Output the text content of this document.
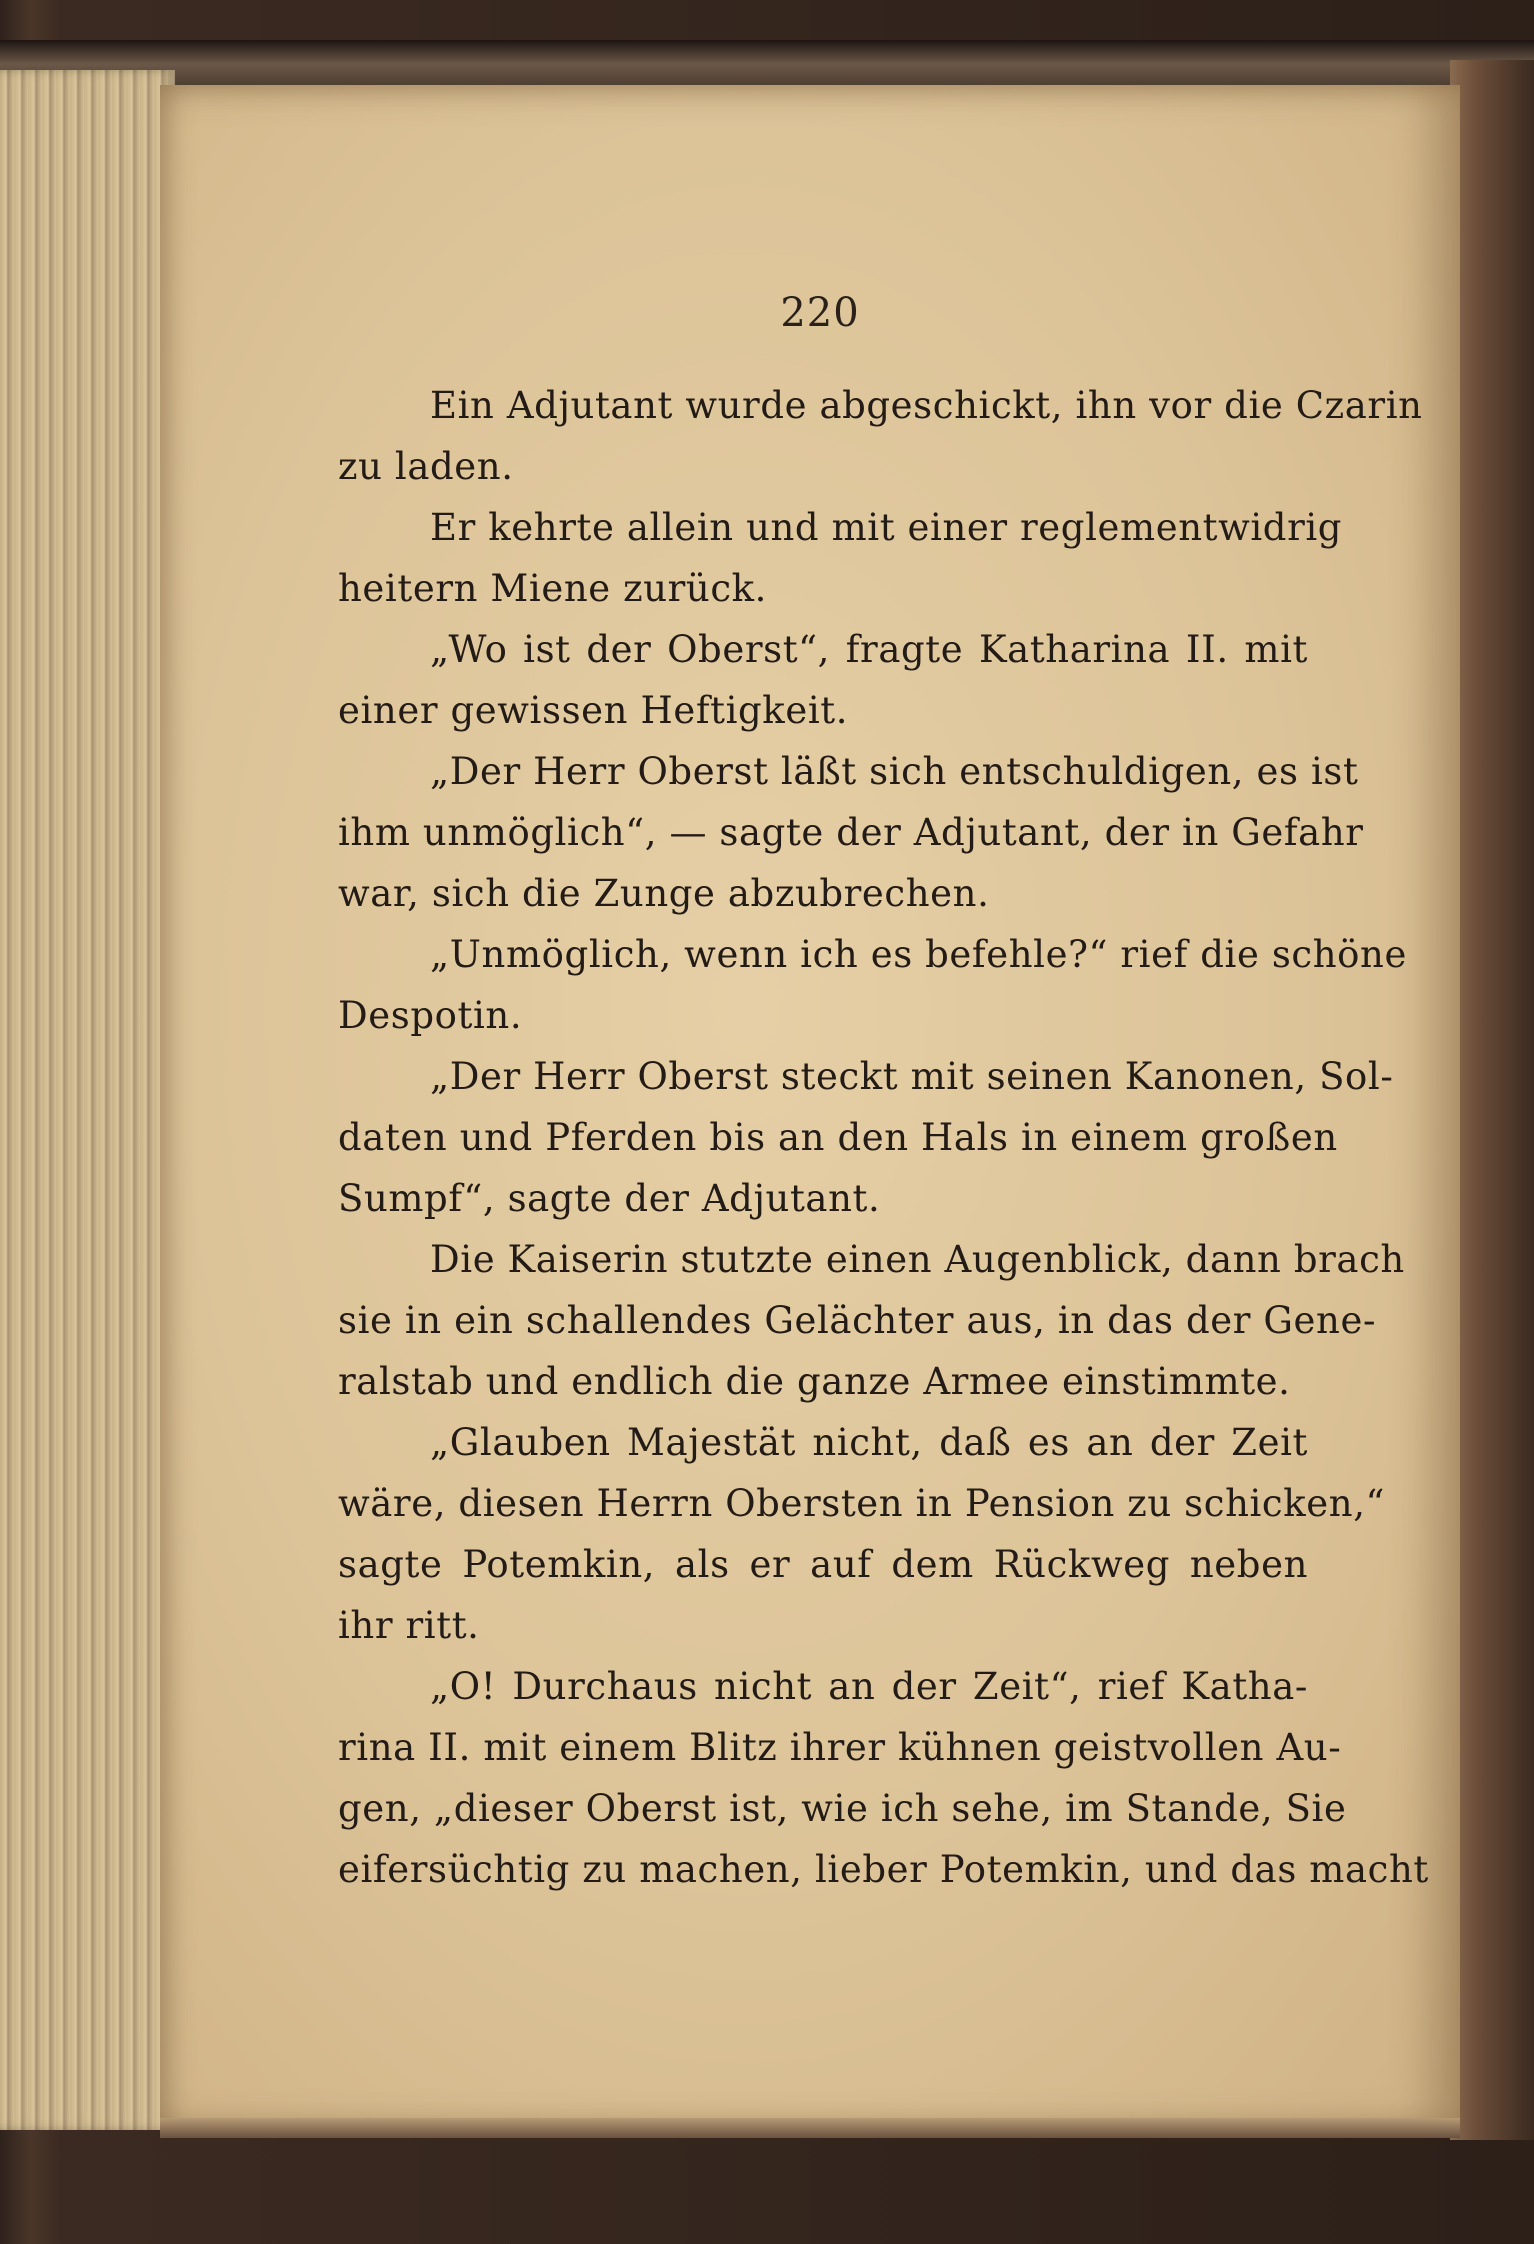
220
Ein Adjutant wurde abgeschickt, ihn vor die Czarin
zu laden.
Er kehrte allein und mit einer reglementwidrig
heitern Miene zurück.
„Wo ist der Oberst“, fragte Katharina II. mit
einer gewissen Heftigkeit.
„Der Herr Oberst läßt sich entschuldigen, es ist
ihm unmöglich“, — sagte der Adjutant, der in Gefahr
war, sich die Zunge abzubrechen.
„Unmöglich, wenn ich es befehle?“ rief die schöne
Despotin.
„Der Herr Oberst steckt mit seinen Kanonen, Sol-
daten und Pferden bis an den Hals in einem großen
Sumpf“, sagte der Adjutant.
Die Kaiserin stutzte einen Augenblick, dann brach
sie in ein schallendes Gelächter aus, in das der Gene-
ralstab und endlich die ganze Armee einstimmte.
„Glauben Majestät nicht, daß es an der Zeit
wäre, diesen Herrn Obersten in Pension zu schicken,“
sagte Potemkin, als er auf dem Rückweg neben
ihr ritt.
„O! Durchaus nicht an der Zeit“, rief Katha-
rina II. mit einem Blitz ihrer kühnen geistvollen Au-
gen, „dieser Oberst ist, wie ich sehe, im Stande, Sie
eifersüchtig zu machen, lieber Potemkin, und das macht
